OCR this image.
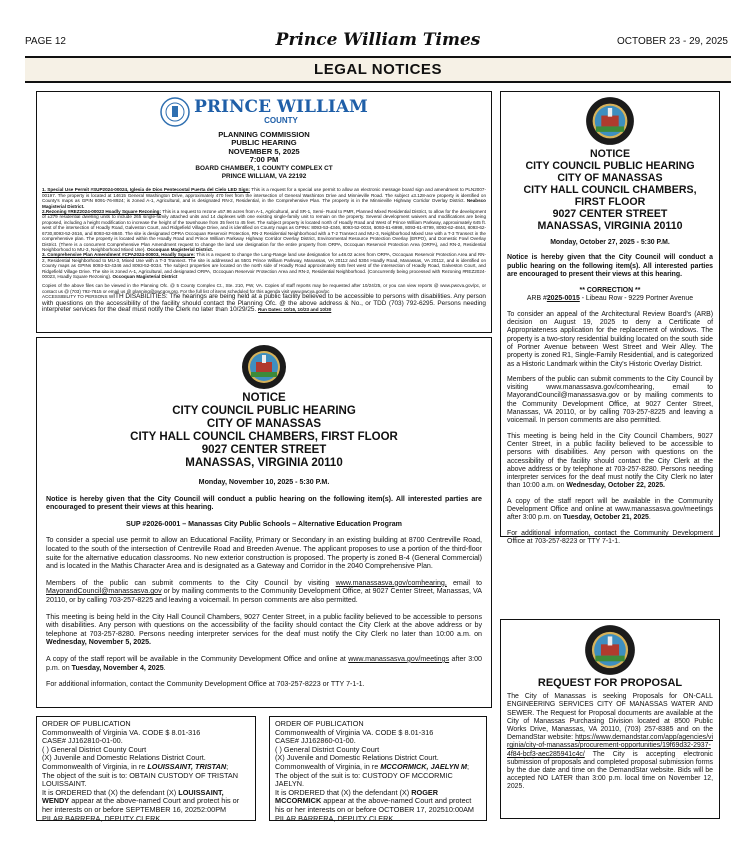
PAGE 12	Prince William Times	OCTOBER 23 - 29, 2025
LEGAL NOTICES
PRINCE WILLIAM
COUNTY
PLANNING COMMISSION
PUBLIC HEARING
NOVEMBER 5, 2025
7:00 PM
BOARD CHAMBER, 1 COUNTY COMPLEX CT
PRINCE WILLIAM, VA 22192
1. Special Use Permit #SUP2024-00024, Iglesia de Dios Pentecostal Puerta del Cielo LED Sign: This is a request for a special use permit to allow an electronic message board sign and amendment to PLN2007-00197. The property is located at 14615 General Washington Drive, approximately 470 feet from the intersection of General Washinton Drive and Minnieville Road. The subject ±3.128-acre property is identified on County's maps as GPIN 8091-76-8924; is zoned A-1, Agricultural, and is designated RN-2, Residential, in the Comprehensive Plan. The property is in the Minnieville Highway Corridor Overlay District. Neabsco Magisterial District.
2.Rezoning #REZ2024-00023 Hoadly Square Rezoning: This is a request to rezone ±57.96 acres from A-1, Agricultural, and SR-1, Semi- Rural to PMR, Planned Mixed Residential District, to allow for the development of ±279 residential dwelling units to include 265 single-family attached units and 14 duplexes with one existing single-family unit to remain on the property. Several development waivers and modifications are being proposed, including a height modification to increase the height of the townhouse from 35 feet to 45 feet. The subject property is located north of Hoadly Road and West of Prince William Parkway, approximately 645 ft. west of the intersection of Hoadly Road, Galveston Court, and Ridgefield Village Drive, and is identified on County maps as GPINs: 8093-53-4346, 8093-52-0034, 8093-61-6998, 8093-61-8799, 8093-62-4844, 8093-62-6730,8093-52-2616, and 8093-62-8840. The site is designated OPRA Occoquan Reservoir Protection, RN-2 Residential Neighborhood with a T-2 Transect and MU-3, Neighborhood Mixed Use with a T-3 Transect in the comprehensive plan. The property is located within the Hoadly Road and Prince William Parkway Highway Corridor Overlay District, Environmental Resource Protection Overlay (ERPO), and Domestic Fowl Overlay District. (There is a concurrent Comprehensive Plan Amendment request to change the land use designation for the entire property from ORPA, Occoquan Reservoir Protection Area (ORPA), and RN-2, Residential Neighborhood to MU-3, Neighborhood Mixed Use). Occoquan Magisterial District.
3. Comprehensive Plan Amendment #CPA2024-00003, Hoadly Square: This is a request to change the Long-Range land use designation for ±48.02 acres from ORPA, Occoquan Reservoir Protection Area and RN-2, Residential Neighborhood to MU-3, Mixed Use with a T-3 Transect. The site is addressed as 5501 Prince William Parkway, Manassas, VA 20112 and 5304 Hoadly Road, Manassas, VA 20112, and is identified on County maps as GPINs 8093-53-4346 and 8093-52-0034. The subject properties are located on the north side of Hoadly Road approximately 645 feet west of the intersection of Hoadly Road, Galveston Court, and Ridgefield Village Drive. The site is zoned A-1, Agricultural, and designated ORPA, Occoquan Reservoir Protection Area and RN-2, Residential Neighborhood. (Concurrently being processed with Rezoning #REZ2024-00023, Hoadly Square Rezoning). Occoquan Magisterial District
Copies of the above files can be viewed in the Planning Ofc. @ 5 County Complex Ct., Ste. 210, PW, VA. Copies of staff reports may be requested after 10/24/25, or you can view reports @ www.pwcva.gov/pc, or contact us @ (703) 792-7615 or email us @ planning@pwcgov.org. For the full list of items scheduled for this agenda visit www.pwcva.gov/pc
ACCESSIBILITY TO PERSONS WITH DISABILITIES: The hearings are being held at a public facility believed to be accessible to persons with disabilities. Any person with questions on the accessibility of the facility should contact the Planning Ofc. @ the above address & No., or TDD (703) 792-6295. Persons needing interpreter services for the deaf must notify the Clerk no later than 10/29/25. Run Dates: 10/16, 10/23 and 10/30
NOTICE
CITY COUNCIL PUBLIC HEARING
CITY OF MANASSAS
CITY HALL COUNCIL CHAMBERS, FIRST FLOOR
9027 CENTER STREET
MANASSAS, VIRGINIA 20110
Monday, November 10, 2025 - 5:30 P.M.

Notice is hereby given that the City Council will conduct a public hearing on the following item(s). All interested parties are encouraged to present their views at this hearing.

SUP #2026-0001 – Manassas City Public Schools – Alternative Education Program

To consider a special use permit to allow an Educational Facility, Primary or Secondary in an existing building at 8700 Centreville Road, located to the south of the intersection of Centreville Road and Breeden Avenue. The applicant proposes to use a portion of the third-floor suite for the alternative education classrooms. No new exterior construction is proposed. The property is zoned B-4 (General Commercial) and is located in the Mathis Character Area and is designated as a Gateway and Corridor in the 2040 Comprehensive Plan.

Members of the public can submit comments to the City Council by visiting www.manassasva.gov/comhearing, email to MayorandCouncil@manassasva.gov or by mailing comments to the Community Development Office, at 9027 Center Street, Manassas, VA 20110, or by calling 703-257-8225 and leaving a voicemail. In person comments are also permitted.

This meeting is being held in the City Hall Council Chambers, 9027 Center Street, in a public facility believed to be accessible to persons with disabilities. Any person with questions on the accessibility of the facility should contact the City Clerk at the above address or by telephone at 703-257-8280. Persons needing interpreter services for the deaf must notify the City Clerk no later than 10:00 a.m. on Wednesday, November 5, 2025.

A copy of the staff report will be available in the Community Development Office and online at www.manassasva.gov/meetings after 3:00 p.m. on Tuesday, November 4, 2025.

For additional information, contact the Community Development Office at 703-257-8223 or TTY 7-1-1.

ORDER OF PUBLICATION
Commonwealth of Virginia VA. CODE $ 8.01-316
CASE# JJ162810-01-00.
( ) General District County Court
(X) Juvenile and Domestic Relations District Court.
Commonwealth of Virginia, in re LOUISSAINT, TRISTAN;
The object of the suit is to: OBTAIN CUSTODY OF TRISTAN LOUISSAINT.
It is ORDERED that (X) the defendant (X) LOUISSAINT, WENDY appear at the above-named Court and protect his or her interests on or before SEPTEMBER 16, 20252:00PM
PILAR BARRERA, DEPUTY CLERK
ORDER OF PUBLICATION
Commonwealth of Virginia VA. CODE $ 8.01-316
CASE# JJ162860-01-00.
( ) General District County Court
(X) Juvenile and Domestic Relations District Court.
Commonwealth of Virginia, in re MCCORMICK, JAELYN M;
The object of the suit is to: CUSTODY OF MCCORMIC JAELYN.
It is ORDERED that (X) the defendant (X) ROGER MCCORMICK appear at the above-named Court and protect his or her interests on or before OCTOBER 17, 202510:00AM
PILAR BARRERA, DEPUTY CLERK
NOTICE
CITY COUNCIL PUBLIC HEARING
CITY OF MANASSAS
CITY HALL COUNCIL CHAMBERS,
FIRST FLOOR
9027 CENTER STREET
MANASSAS, VIRGINIA 20110
Monday, October 27, 2025 - 5:30 P.M.

Notice is hereby given that the City Council will conduct a public hearing on the following item(s). All interested parties are encouraged to present their views at this hearing.

** CORRECTION **
ARB #2025-0015 - Libeau Row - 9229 Portner Avenue

To consider an appeal of the Architectural Review Board's (ARB) decision on August 19, 2025 to deny a Certificate of Appropriateness application for the replacement of windows. The property is a two-story residential building located on the south side of Portner Avenue between West Street and Weir Alley. The property is zoned R1, Single-Family Residential, and is categorized as a Historic Landmark within the City's Historic Overlay District.

Members of the public can submit comments to the City Council by visiting www.manassasva.gov/comhearing, email to MayorandCouncil@manassasva.gov or by mailing comments to the Community Development Office, at 9027 Center Street, Manassas, VA 20110, or by calling 703-257-8225 and leaving a voicemail. In person comments are also permitted.

This meeting is being held in the City Council Chambers, 9027 Center Street, in a public facility believed to be accessible to persons with disabilities. Any person with questions on the accessibility of the facility should contact the City Clerk at the above address or by telephone at 703-257-8280. Persons needing interpreter services for the deaf must notify the City Clerk no later than 10:00 a.m. on Wednesday, October 22, 2025.

A copy of the staff report will be available in the Community Development Office and online at www.manassasva.gov/meetings after 3:00 p.m. on Tuesday, October 21, 2025.

For additional information, contact the Community Development Office at 703-257-8223 or TTY 7-1-1.

REQUEST FOR PROPOSAL

The City of Manassas is seeking Proposals for ON-CALL ENGINEERING SERVICES CITY OF MANASSAS WATER AND SEWER. The Request for Proposal documents are available at the City of Manassas Purchasing Division located at 8500 Public Works Drive, Manassas, VA 20110, (703) 257-8385 and on the DemandStar website: https://www.demandstar.com/app/agencies/virginia/city-of-manassas/procurement-opportunities/19f69d32-2937-4f84-bcf3-aec285941c4c/ The City is accepting electronic submission of proposals and completed proposal submission forms by the due date and time on the DemandStar website. Bids will be accepted NO LATER than 3:00 p.m. local time on November 12, 2025.
